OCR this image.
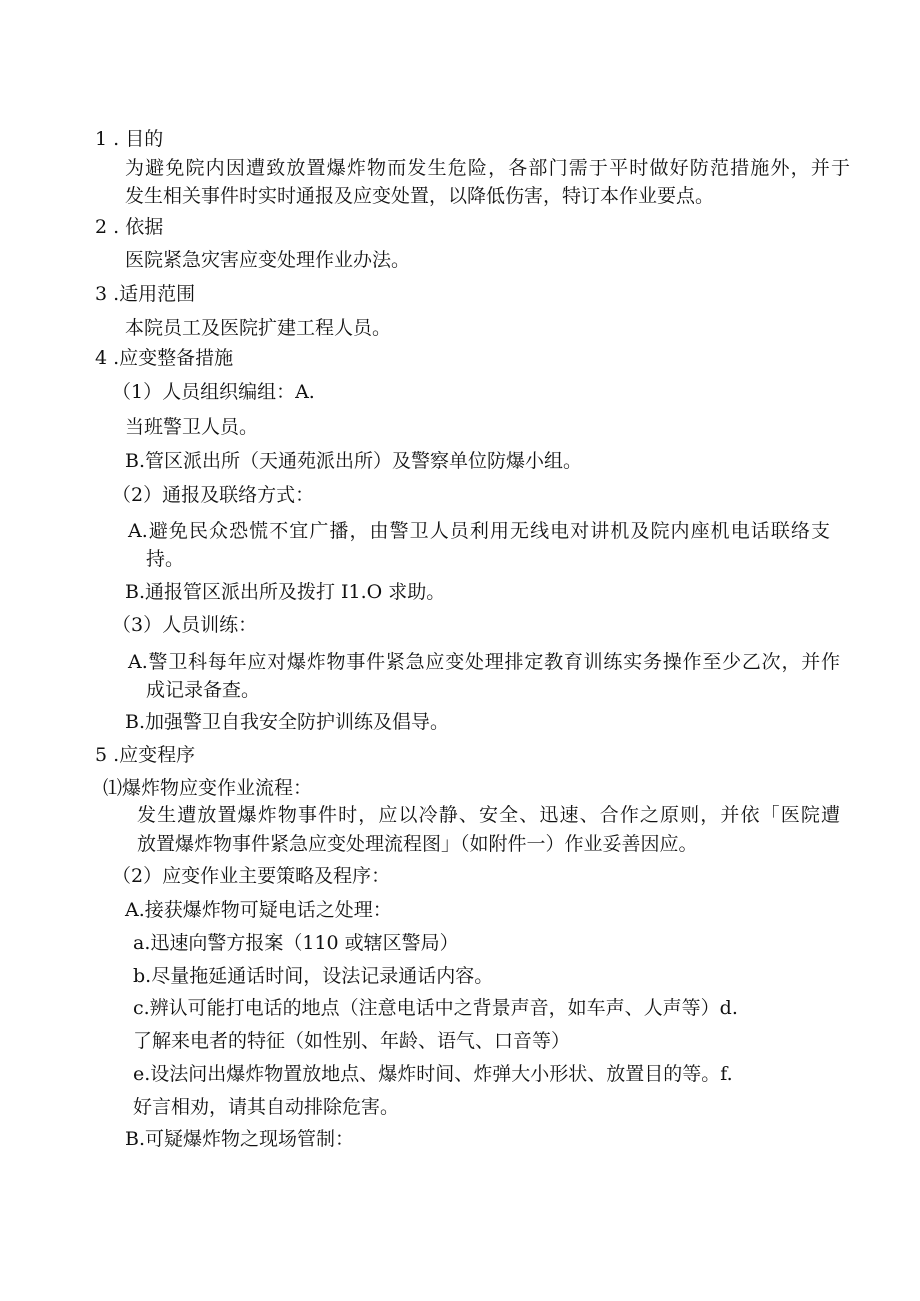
1 . 目的
为避免院内因遭致放置爆炸物而发生危险，各部门需于平时做好防范措施外，并于
发生相关事件时实时通报及应变处置，以降低伤害，特订本作业要点。
2 . 依据
医院紧急灾害应变处理作业办法。
3 .适用范围
本院员工及医院扩建工程人员。
4 .应变整备措施
（1）人员组织编组：A.
当班警卫人员。
B.管区派出所（天通苑派出所）及警察单位防爆小组。
（2）通报及联络方式：
A.避免民众恐慌不宜广播，由警卫人员利用无线电对讲机及院内座机电话联络支
持。
B.通报管区派出所及拨打 I1.O 求助。
（3）人员训练：
A.警卫科每年应对爆炸物事件紧急应变处理排定教育训练实务操作至少乙次，并作
成记录备查。
B.加强警卫自我安全防护训练及倡导。
5 .应变程序
⑴爆炸物应变作业流程：
发生遭放置爆炸物事件时，应以冷静、安全、迅速、合作之原则，并依「医院遭
放置爆炸物事件紧急应变处理流程图」（如附件一）作业妥善因应。
（2）应变作业主要策略及程序：
A.接获爆炸物可疑电话之处理：
a.迅速向警方报案（110 或辖区警局）
b.尽量拖延通话时间，设法记录通话内容。
c.辨认可能打电话的地点（注意电话中之背景声音，如车声、人声等）d.
了解来电者的特征（如性别、年龄、语气、口音等）
e.设法问出爆炸物置放地点、爆炸时间、炸弹大小形状、放置目的等。f.
好言相劝，请其自动排除危害。
B.可疑爆炸物之现场管制：
